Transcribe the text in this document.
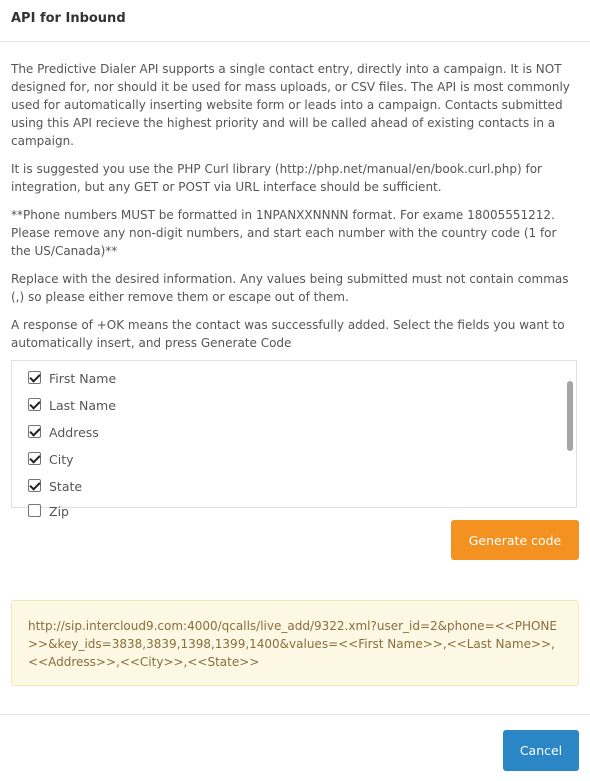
API for Inbound

The Predictive Dialer API supports a single contact entry, directly into a campaign. It is NOT designed for, nor should it be used for mass uploads, or CSV files. The API is most commonly used for automatically inserting website form or leads into a campaign. Contacts submitted using this API recieve the highest priority and will be called ahead of existing contacts in a campaign.

It is suggested you use the PHP Curl library (http://php.net/manual/en/book.curl.php) for integration, but any GET or POST via URL interface should be sufficient.

**Phone numbers MUST be formatted in 1NPANXXNNNN format. For exame 18005551212. Please remove any non-digit numbers, and start each number with the country code (1 for the US/Canada)**

Replace with the desired information. Any values being submitted must not contain commas (,) so please either remove them or escape out of them.

A response of +OK means the contact was successfully added. Select the fields you want to automatically insert, and press Generate Code

First Name
Last Name
Address
City
State
Zip
Generate code

http://sip.intercloud9.com:4000/qcalls/live_add/9322.xml?user_id=2&phone=<<PHONE>>&key_ids=3838,3839,1398,1399,1400&values=<<First Name>>,<<Last Name>>,<<Address>>,<<City>>,<<State>>

Cancel
